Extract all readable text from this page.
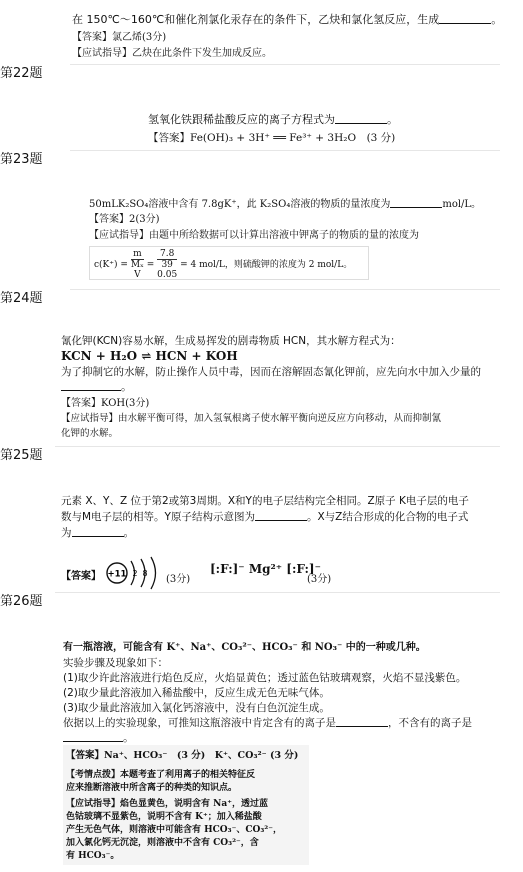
在 150℃～160℃和催化剂氯化汞存在的条件下，乙炔和氯化氢反应，生成	。
【答案】氯乙烯(3分)
【应试指导】乙炔在此条件下发生加成反应。
第22题
氢氧化铁跟稀盐酸反应的离子方程式为	。
【答案】Fe(OH)₃ + 3H⁺ ══ Fe³⁺ + 3H₂O　(3 分)
第23题
50mLK₂SO₄溶液中含有 7.8gK⁺，此 K₂SO₄溶液的物质的量浓度为	mol/L。
【答案】2(3分)
【应试指导】由题中所给数据可以计算出溶液中钾离子的物质的量的浓度为
c(K⁺) =
m
Mₓ
V
=
7.8
39
0.05
= 4 mol/L，则硫酸钾的浓度为 2 mol/L。
第24题
氰化钾(KCN)容易水解，生成易挥发的剧毒物质 HCN，其水解方程式为：
KCN + H₂O ⇌ HCN + KOH
为了抑制它的水解，防止操作人员中毒，因而在溶解固态氰化钾前，应先向水中加入少量的
。
【答案】KOH(3分)
【应试指导】由水解平衡可得，加入氢氧根离子使水解平衡向逆反应方向移动，从而抑制氰
化钾的水解。
第25题
元素 X、Y、Z 位于第2或第3周期。X和Y的电子层结构完全相同。Z原子 K电子层的电子
数与M电子层的相等。Y原子结构示意图为	。X与Z结合形成的化合物的电子式
为	。
【答案】 +11 2 8
(3分)
[:F:]⁻ Mg²⁺ [:F:]⁻
(3分)
第26题
有一瓶溶液，可能含有 K⁺、Na⁺、CO₃²⁻、HCO₃⁻ 和 NO₃⁻ 中的一种或几种。
实验步骤及现象如下：
(1)取少许此溶液进行焰色反应，火焰显黄色；透过蓝色钴玻璃观察，火焰不显浅紫色。
(2)取少量此溶液加入稀盐酸中，反应生成无色无味气体。
(3)取少量此溶液加入氯化钙溶液中，没有白色沉淀生成。
依据以上的实验现象，可推知这瓶溶液中肯定含有的离子是	，不含有的离子是
。
【答案】Na⁺、HCO₃⁻　(3 分)　K⁺、CO₃²⁻ (3 分)
【考情点拨】本题考查了利用离子的相关特征反
应来推断溶液中所含离子的种类的知识点。
【应试指导】焰色显黄色，说明含有 Na⁺，透过蓝
色钴玻璃不显紫色，说明不含有 K⁺；加入稀盐酸
产生无色气体，则溶液中可能含有 HCO₃⁻、CO₃²⁻，
加入氯化钙无沉淀，则溶液中不含有 CO₃²⁻，含
有 HCO₃⁻。
